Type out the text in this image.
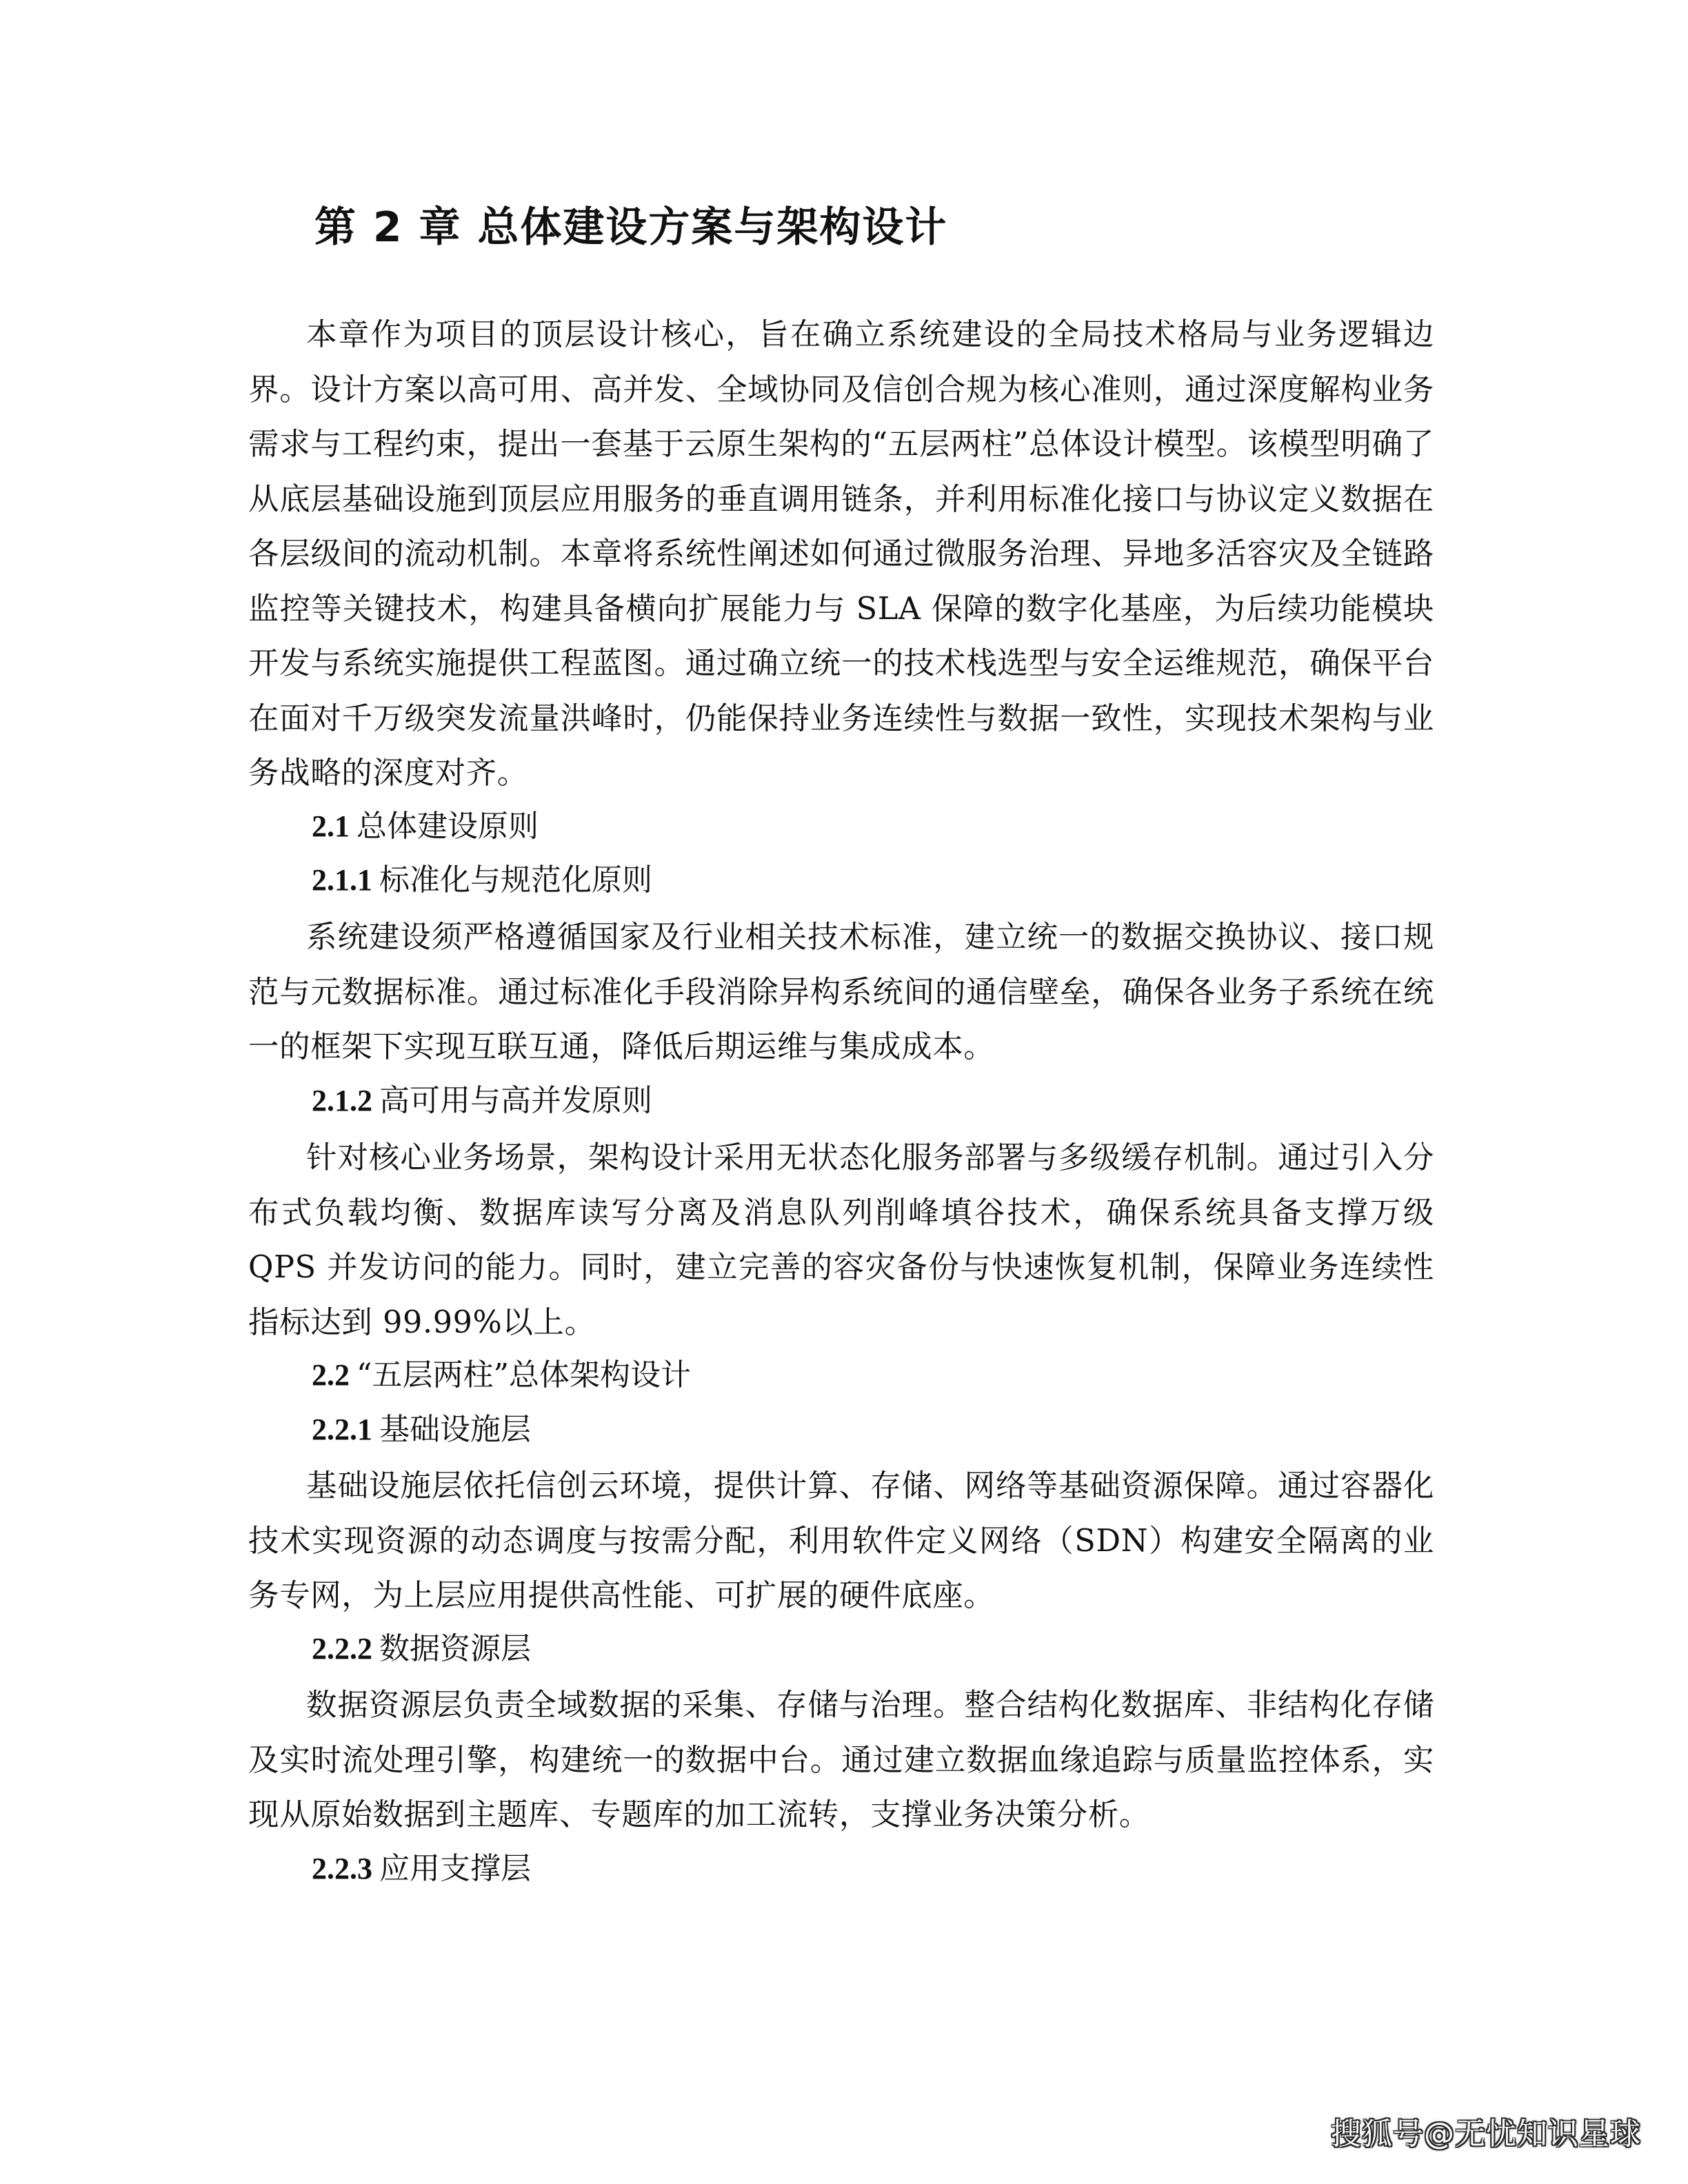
第 2 章 总体建设方案与架构设计

本章作为项目的顶层设计核心，旨在确立系统建设的全局技术格局与业务逻辑边界。设计方案以高可用、高并发、全域协同及信创合规为核心准则，通过深度解构业务需求与工程约束，提出一套基于云原生架构的“五层两柱”总体设计模型。该模型明确了从底层基础设施到顶层应用服务的垂直调用链条，并利用标准化接口与协议定义数据在各层级间的流动机制。本章将系统性阐述如何通过微服务治理、异地多活容灾及全链路监控等关键技术，构建具备横向扩展能力与 SLA 保障的数字化基座，为后续功能模块开发与系统实施提供工程蓝图。通过确立统一的技术栈选型与安全运维规范，确保平台在面对千万级突发流量洪峰时，仍能保持业务连续性与数据一致性，实现技术架构与业务战略的深度对齐。

2.1 总体建设原则
2.1.1 标准化与规范化原则

系统建设须严格遵循国家及行业相关技术标准，建立统一的数据交换协议、接口规范与元数据标准。通过标准化手段消除异构系统间的通信壁垒，确保各业务子系统在统一的框架下实现互联互通，降低后期运维与集成成本。

2.1.2 高可用与高并发原则

针对核心业务场景，架构设计采用无状态化服务部署与多级缓存机制。通过引入分布式负载均衡、数据库读写分离及消息队列削峰填谷技术，确保系统具备支撑万级 QPS 并发访问的能力。同时，建立完善的容灾备份与快速恢复机制，保障业务连续性指标达到 99.99%以上。

2.2 “五层两柱”总体架构设计
2.2.1 基础设施层

基础设施层依托信创云环境，提供计算、存储、网络等基础资源保障。通过容器化技术实现资源的动态调度与按需分配，利用软件定义网络（SDN）构建安全隔离的业务专网，为上层应用提供高性能、可扩展的硬件底座。

2.2.2 数据资源层

数据资源层负责全域数据的采集、存储与治理。整合结构化数据库、非结构化存储及实时流处理引擎，构建统一的数据中台。通过建立数据血缘追踪与质量监控体系，实现从原始数据到主题库、专题库的加工流转，支撑业务决策分析。

2.2.3 应用支撑层
搜狐号@无忧知识星球
